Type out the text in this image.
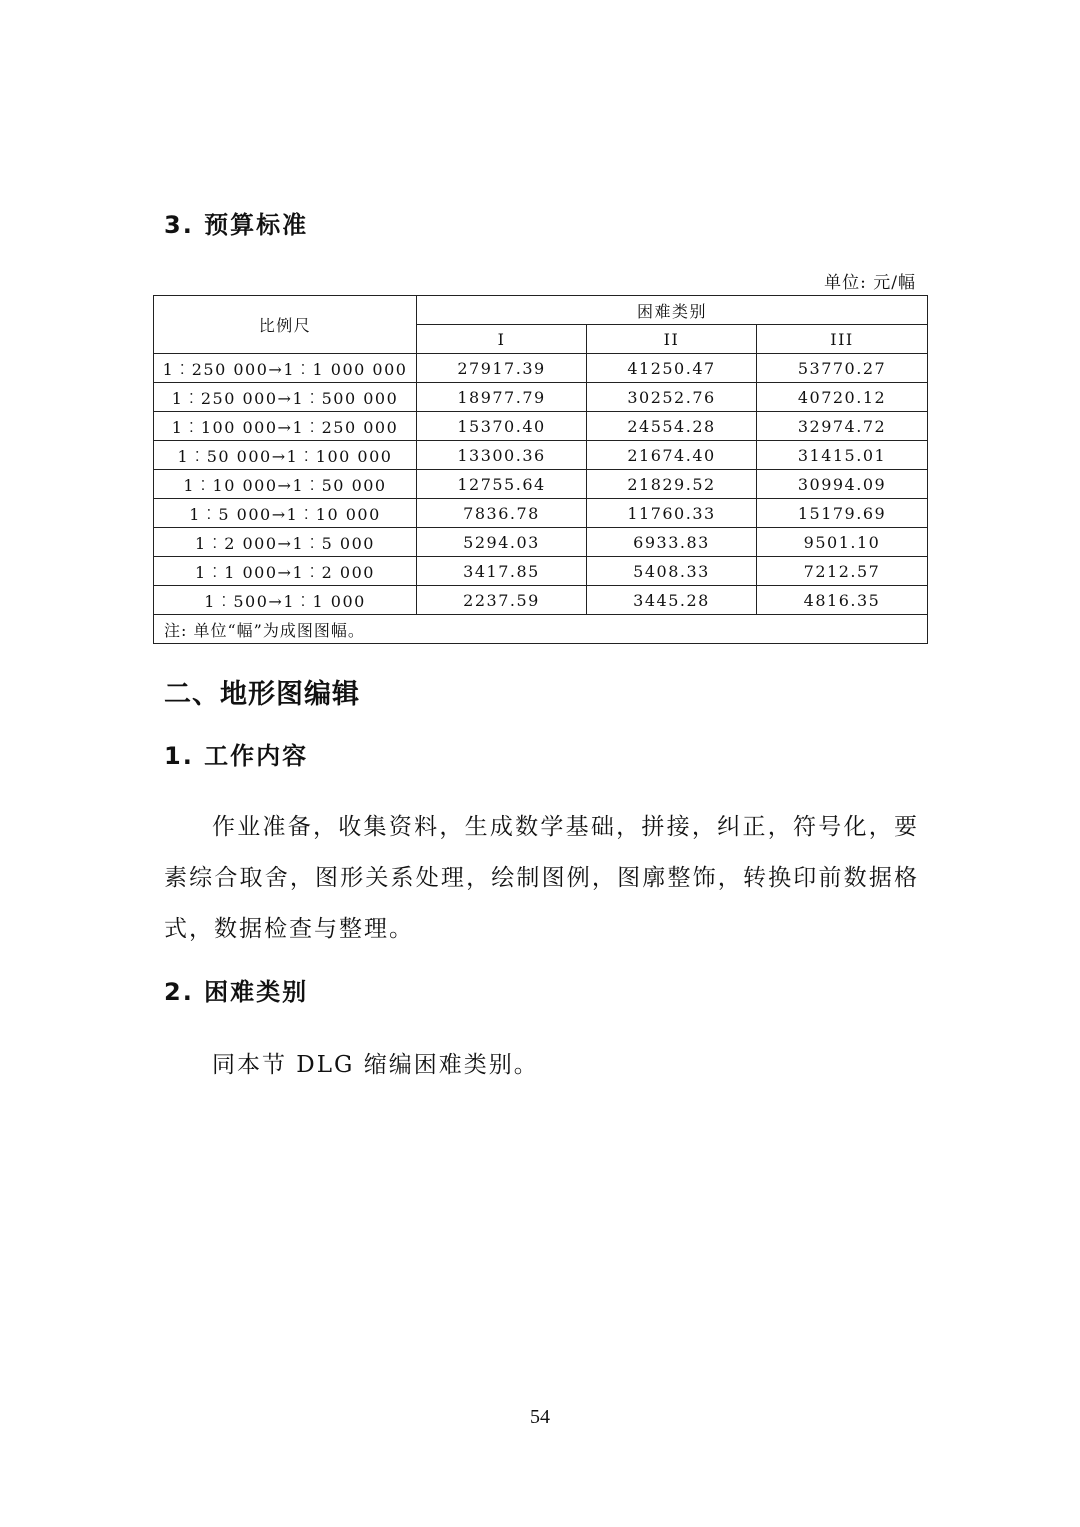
3. 预算标准
单位: 元/幅
比例尺	困难类别		
	I	II	III
1︰250 000→1︰1 000 000	27917.39	41250.47	53770.27
1︰250 000→1︰500 000	18977.79	30252.76	40720.12
1︰100 000→1︰250 000	15370.40	24554.28	32974.72
1︰50 000→1︰100 000	13300.36	21674.40	31415.01
1︰10 000→1︰50 000	12755.64	21829.52	30994.09
1︰5 000→1︰10 000	7836.78	11760.33	15179.69
1︰2 000→1︰5 000	5294.03	6933.83	9501.10
1︰1 000→1︰2 000	3417.85	5408.33	7212.57
1︰500→1︰1 000	2237.59	3445.28	4816.35
注: 单位“幅”为成图图幅。			
二、地形图编辑
1. 工作内容

作业准备，收集资料，生成数学基础，拼接，纠正，符号化，要素综合取舍，图形关系处理，绘制图例，图廓整饰，转换印前数据格式，数据检查与整理。

2. 困难类别

同本节 DLG 缩编困难类别。

54
